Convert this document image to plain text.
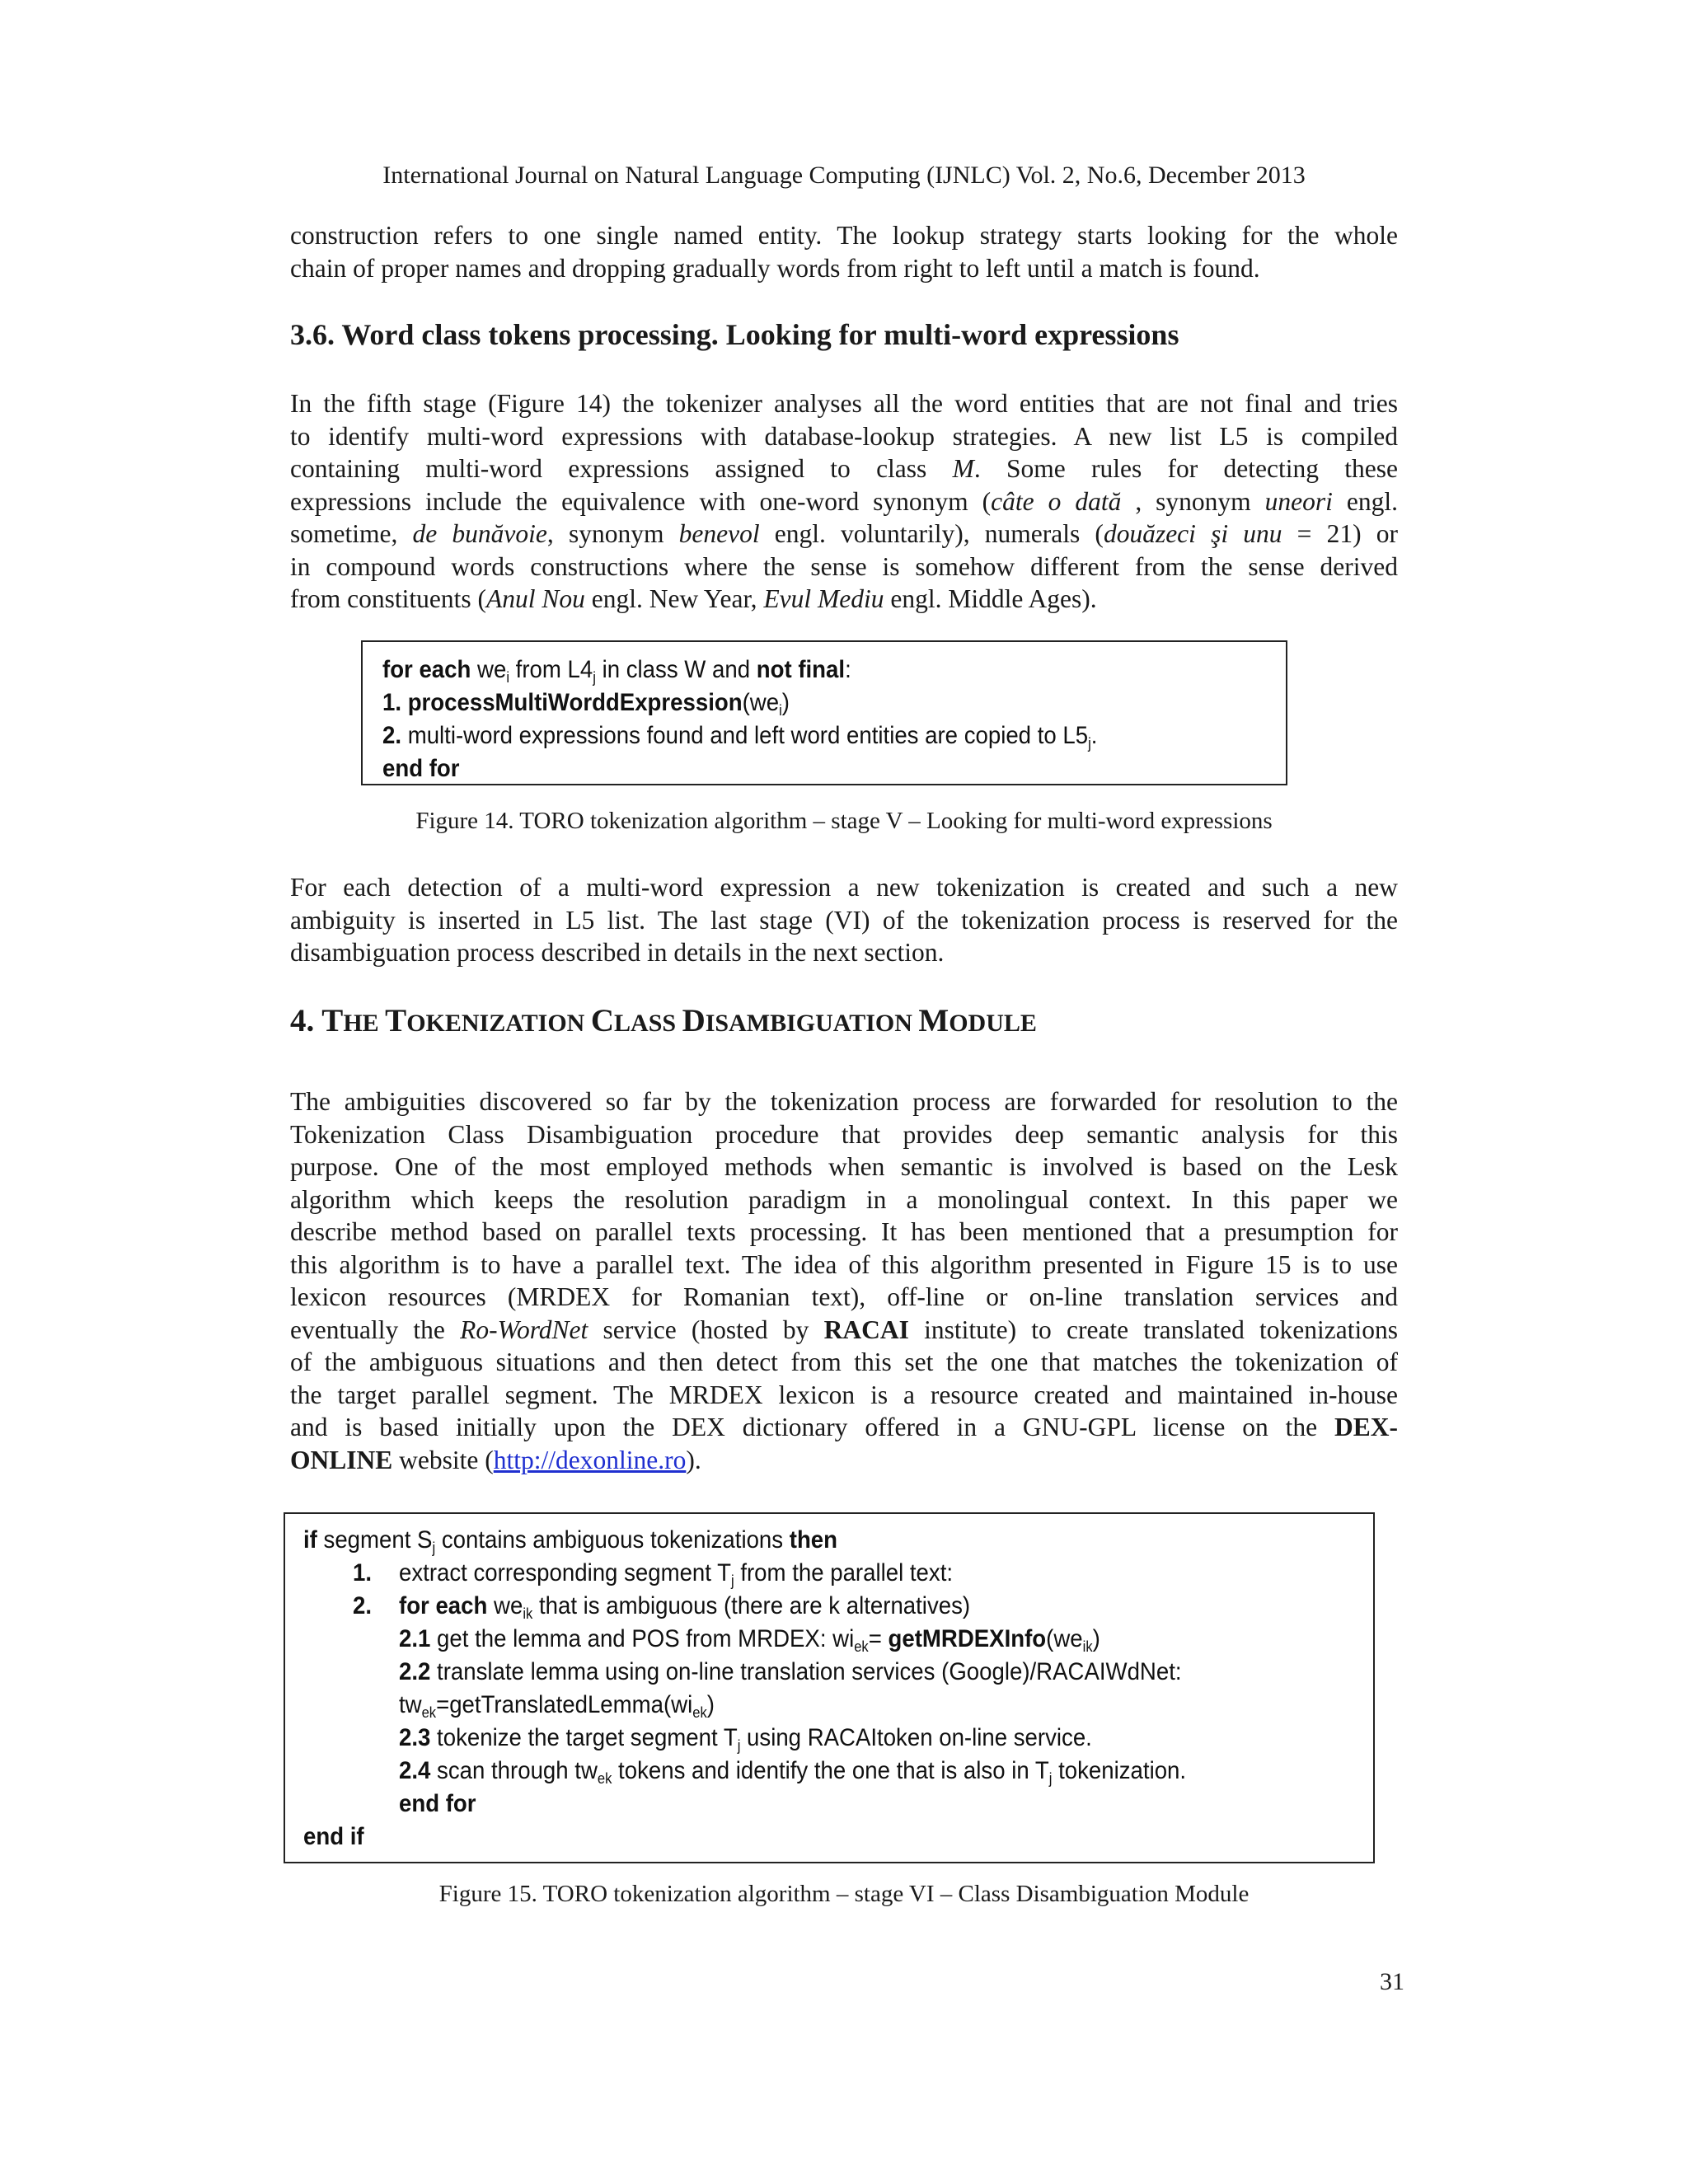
International Journal on Natural Language Computing (IJNLC) Vol. 2, No.6, December 2013
construction refers to one single named entity. The lookup strategy starts looking for the whole
chain of proper names and dropping gradually words from right to left until a match is found.
3.6. Word class tokens processing. Looking for multi-word expressions
In the fifth stage (Figure 14) the tokenizer analyses all the word entities that are not final and tries
to identify multi-word expressions with database-lookup strategies. A new list L5 is compiled
containing multi-word expressions assigned to class M. Some rules for detecting these
expressions include the equivalence with one-word synonym (câte o dată , synonym uneori engl.
sometime, de bunăvoie, synonym benevol engl. voluntarily), numerals (douăzeci şi unu = 21) or
in compound words constructions where the sense is somehow different from the sense derived
from constituents (Anul Nou engl. New Year, Evul Mediu engl. Middle Ages).
for each $we_i$ from $L4_j$ in class W and not final:
1. $processMultiWorddExpression(we_i)$
2. multi-word expressions found and left word entities are copied to $L5_j$.
end for
Figure 14. TORO tokenization algorithm – stage V – Looking for multi-word expressions
For each detection of a multi-word expression a new tokenization is created and such a new
ambiguity is inserted in L5 list. The last stage (VI) of the tokenization process is reserved for the
disambiguation process described in details in the next section.
4. THE TOKENIZATION CLASS DISAMBIGUATION MODULE
The ambiguities discovered so far by the tokenization process are forwarded for resolution to the
Tokenization Class Disambiguation procedure that provides deep semantic analysis for this
purpose. One of the most employed methods when semantic is involved is based on the Lesk
algorithm which keeps the resolution paradigm in a monolingual context. In this paper we
describe method based on parallel texts processing. It has been mentioned that a presumption for
this algorithm is to have a parallel text. The idea of this algorithm presented in Figure 15 is to use
lexicon resources (MRDEX for Romanian text), off-line or on-line translation services and
eventually the Ro-WordNet service (hosted by RACAI institute) to create translated tokenizations
of the ambiguous situations and then detect from this set the one that matches the tokenization of
the target parallel segment. The MRDEX lexicon is a resource created and maintained in-house
and is based initially upon the DEX dictionary offered in a GNU-GPL license on the DEX-
ONLINE website (http://dexonline.ro).
if segment $S_j$ contains ambiguous tokenizations then
1. extract corresponding segment $T_j$ from the parallel text:
2. for each $we_{ik}$ that is ambiguous (there are k alternatives)
2.1 get the lemma and POS from MRDEX: $wi_{ek}=$ $getMRDEXInfo(we_{ik})$
2.2 translate lemma using on-line translation services (Google)/RACAIWdNet:
$tw_{ek}=getTranslatedLemma(wi_{ek})$
2.3 tokenize the target segment $T_j$ using RACAItoken on-line service.
2.4 scan through $tw_{ek}$ tokens and identify the one that is also in $T_j$ tokenization.
end for
end if
Figure 15. TORO tokenization algorithm – stage VI – Class Disambiguation Module
31
